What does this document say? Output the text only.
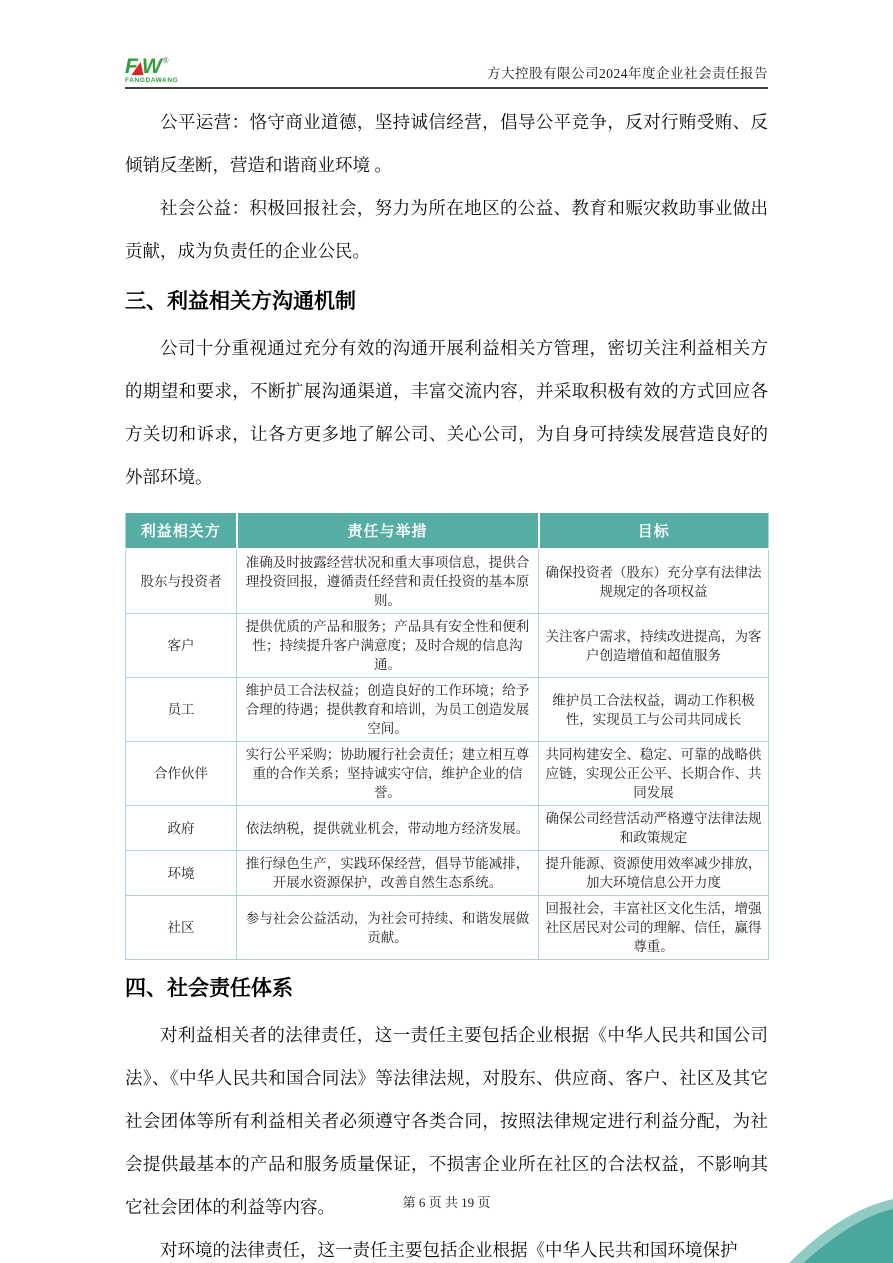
F W ®
FANGDAWANG	方大控股有限公司2024年度企业社会责任报告

公平运营：恪守商业道德，坚持诚信经营，倡导公平竞争，反对行贿受贿、反倾销反垄断，营造和谐商业环境 。

社会公益：积极回报社会，努力为所在地区的公益、教育和赈灾救助事业做出贡献，成为负责任的企业公民。

三、利益相关方沟通机制

公司十分重视通过充分有效的沟通开展利益相关方管理，密切关注利益相关方的期望和要求，不断扩展沟通渠道，丰富交流内容，并采取积极有效的方式回应各方关切和诉求，让各方更多地了解公司、关心公司，为自身可持续发展营造良好的外部环境。

利益相关方	责任与举措	目标
股东与投资者	准确及时披露经营状况和重大事项信息，提供合理投资回报，遵循责任经营和责任投资的基本原则。	确保投资者（股东）充分享有法律法规规定的各项权益
客户	提供优质的产品和服务；产品具有安全性和便利性；持续提升客户满意度；及时合规的信息沟通。	关注客户需求，持续改进提高，为客户创造增值和超值服务
员工	维护员工合法权益；创造良好的工作环境；给予合理的待遇；提供教育和培训，为员工创造发展空间。	维护员工合法权益，调动工作积极性，实现员工与公司共同成长
合作伙伴	实行公平采购；协助履行社会责任；建立相互尊重的合作关系；坚持诚实守信，维护企业的信誉。	共同构建安全、稳定、可靠的战略供应链，实现公正公平、长期合作、共同发展
政府	依法纳税，提供就业机会，带动地方经济发展。	确保公司经营活动严格遵守法律法规和政策规定
环境	推行绿色生产，实践环保经营，倡导节能减排，开展水资源保护，改善自然生态系统。	提升能源、资源使用效率减少排放，加大环境信息公开力度
社区	参与社会公益活动，为社会可持续、和谐发展做贡献。	回报社会，丰富社区文化生活，增强社区居民对公司的理解、信任，赢得尊重。
四、社会责任体系

对利益相关者的法律责任，这一责任主要包括企业根据《中华人民共和国公司法》、《中华人民共和国合同法》等法律法规，对股东、供应商、客户、社区及其它社会团体等所有利益相关者必须遵守各类合同，按照法律规定进行利益分配，为社会提供最基本的产品和服务质量保证，不损害企业所在社区的合法权益，不影响其它社会团体的利益等内容。

对环境的法律责任，这一责任主要包括企业根据《中华人民共和国环境保护

第 6 页 共 19 页
